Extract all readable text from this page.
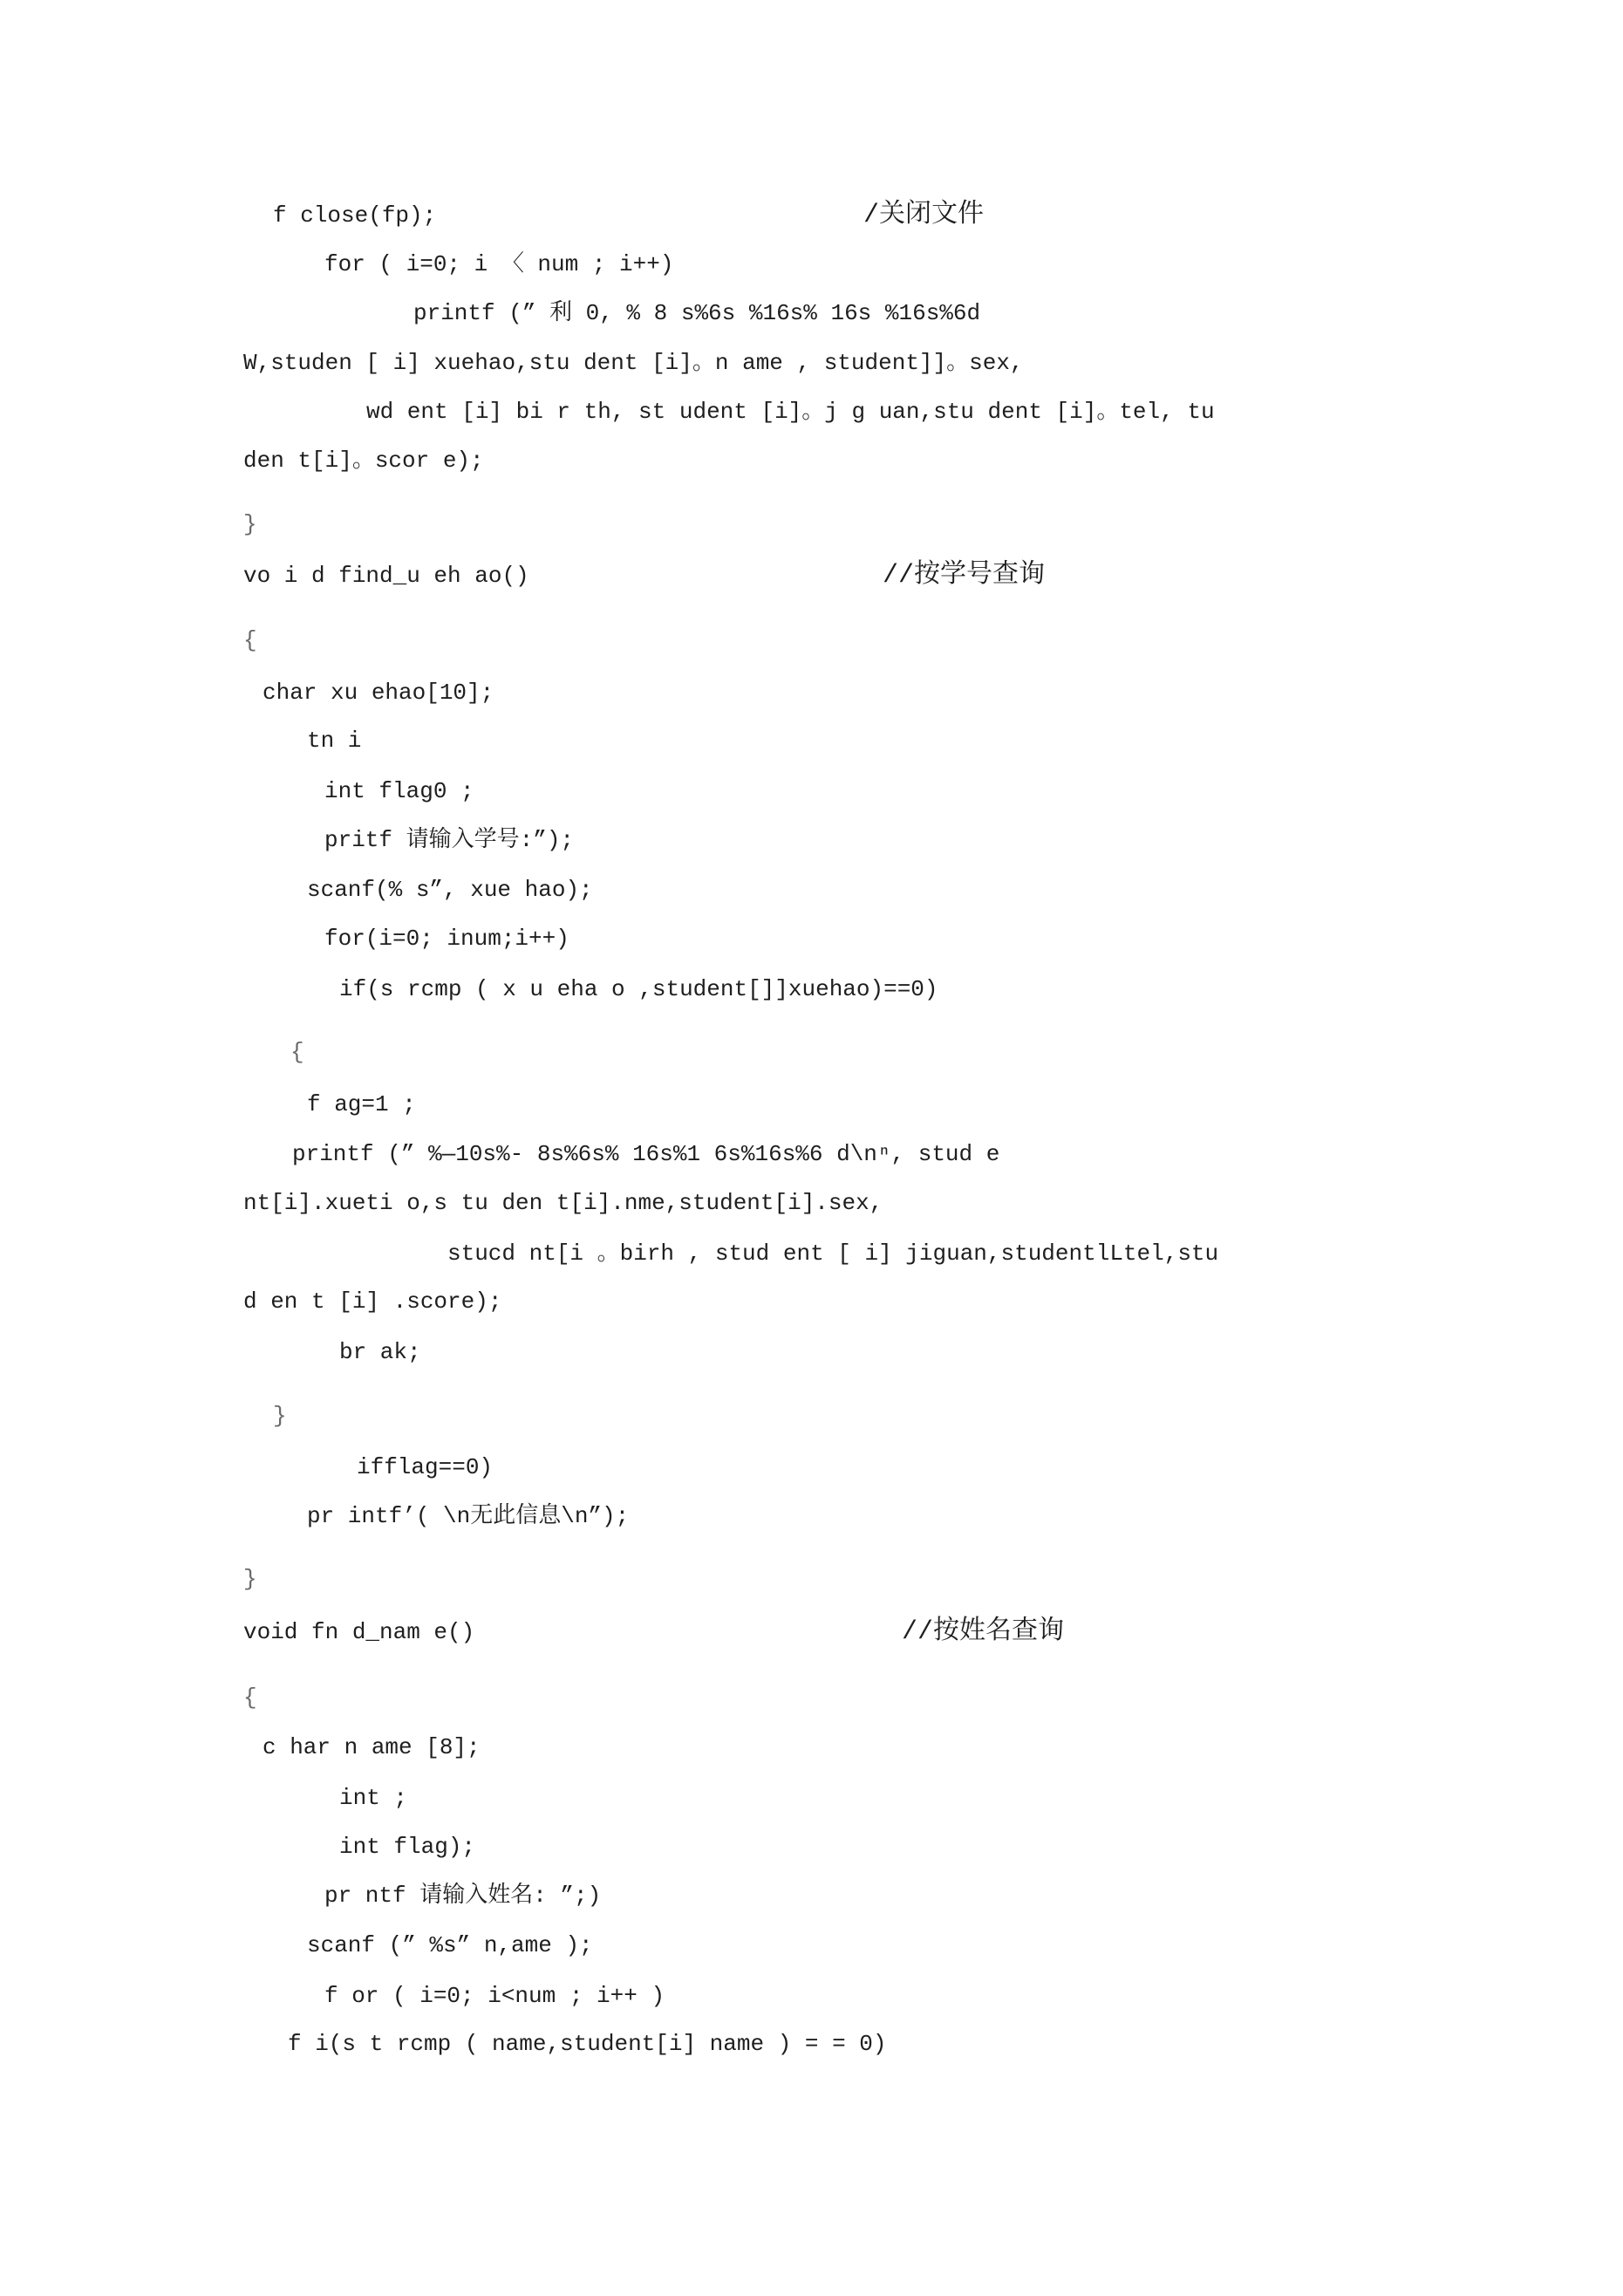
f close(fp);	/关闭文件
for ( i=0; i 〈 num ; i++)
printf (” 利 0, % 8 s%6s %16s% 16s %16s%6d
W,studen [ i] xuehao,stu dent [i]。n ame , student]]。sex,
wd ent [i] bi r th, st udent [i]。j g uan,stu dent [i]。tel, tu
den t[i]。scor e);
}
vo i d find_u eh ao()	//按学号查询
{
char xu ehao[10];
tn i
int flag0 ;
pritf 请输入学号:”);
scanf(% s”, xue hao);
for(i=0; inum;i++)
if(s rcmp ( x u eha o ,student[]]xuehao)==0)
{
f ag=1 ;
printf (” %—10s%- 8s%6s% 16s%1 6s%16s%6 d\nⁿ, stud e
nt[i].xueti o,s tu den t[i].nme,student[i].sex,
stucd nt[i 。birh , stud ent [ i] jiguan,studentlLtel,stu
d en t [i] .score);
br ak;
}
ifflag==0)
pr intf’( \n无此信息\n”);
}
void fn d_nam e()	//按姓名查询
{
c har n ame [8];
int ;
int flag);
pr ntf 请输入姓名: ”;)
scanf (” %s” n,ame );
f or ( i=0; i<num ; i++ )
f i(s t rcmp ( name,student[i] name ) = = 0)
